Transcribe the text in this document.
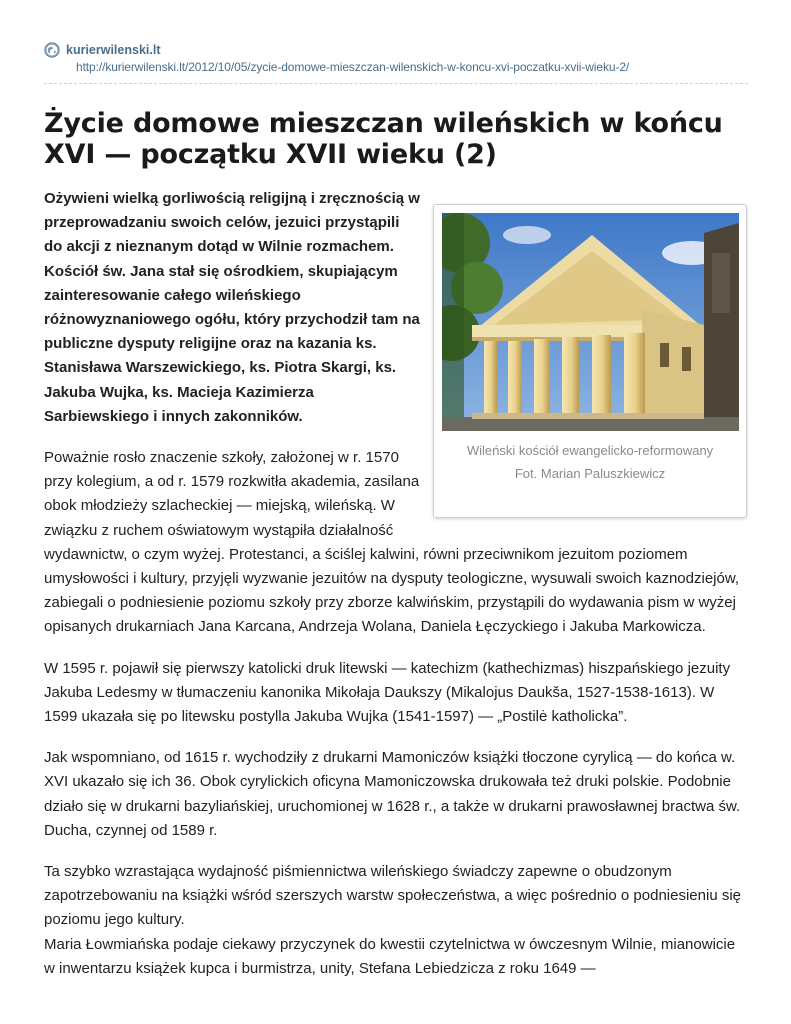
kurierwilenski.lt
http://kurierwilenski.lt/2012/10/05/zycie-domowe-mieszczan-wilenskich-w-koncu-xvi-poczatku-xvii-wieku-2/
Życie domowe mieszczan wileńskich w końcu XVI — początku XVII wieku (2)
Wileński kościół ewangelicko-reformowany
Fot. Marian Paluszkiewicz

Ożywieni wielką gorliwością religijną i zręcznością w przeprowadzaniu swoich celów, jezuici przystąpili do akcji z nieznanym dotąd w Wilnie rozmachem. Kościół św. Jana stał się ośrodkiem, skupiającym zainteresowanie całego wileńskiego różnowyznaniowego ogółu, który przychodził tam na publiczne dysputy religijne oraz na kazania ks. Stanisława Warszewickiego, ks. Piotra Skargi, ks. Jakuba Wujka, ks. Macieja Kazimierza Sarbiewskiego i innych zakonników.

Poważnie rosło znaczenie szkoły, założonej w r. 1570 przy kolegium, a od r. 1579 rozkwitła akademia, zasilana obok młodzieży szlacheckiej — miejską, wileńską. W związku z ruchem oświatowym wystąpiła działalność wydawnictw, o czym wyżej. Protestanci, a ściślej kalwini, równi przeciwnikom jezuitom poziomem umysłowości i kultury, przyjęli wyzwanie jezuitów na dysputy teologiczne, wysuwali swoich kaznodziejów, zabiegali o podniesienie poziomu szkoły przy zborze kalwińskim, przystąpili do wydawania pism w wyżej opisanych drukarniach Jana Karcana, Andrzeja Wolana, Daniela Łęczyckiego i Jakuba Markowicza.

W 1595 r. pojawił się pierwszy katolicki druk litewski — katechizm (kathechizmas) hiszpańskiego jezuity Jakuba Ledesmy w tłumaczeniu kanonika Mikołaja Daukszy (Mikalojus Daukša, 1527-1538-1613). W 1599 ukazała się po litewsku postylla Jakuba Wujka (1541-1597) — „Postilė katholicka”.

Jak wspomniano, od 1615 r. wychodziły z drukarni Mamoniczów książki tłoczone cyrylicą — do końca w. XVI ukazało się ich 36. Obok cyrylickich oficyna Mamoniczowska drukowała też druki polskie. Podobnie działo się w drukarni bazyliańskiej, uruchomionej w 1628 r., a także w drukarni prawosławnej bractwa św. Ducha, czynnej od 1589 r.

Ta szybko wzrastająca wydajność piśmiennictwa wileńskiego świadczy zapewne o obudzonym zapotrzebowaniu na książki wśród szerszych warstw społeczeństwa, a więc pośrednio o podniesieniu się poziomu jego kultury.

Maria Łowmiańska podaje ciekawy przyczynek do kwestii czytelnictwa w ówczesnym Wilnie, mianowicie w inwentarzu książek kupca i burmistrza, unity, Stefana Lebiedzicza z roku 1649 —
